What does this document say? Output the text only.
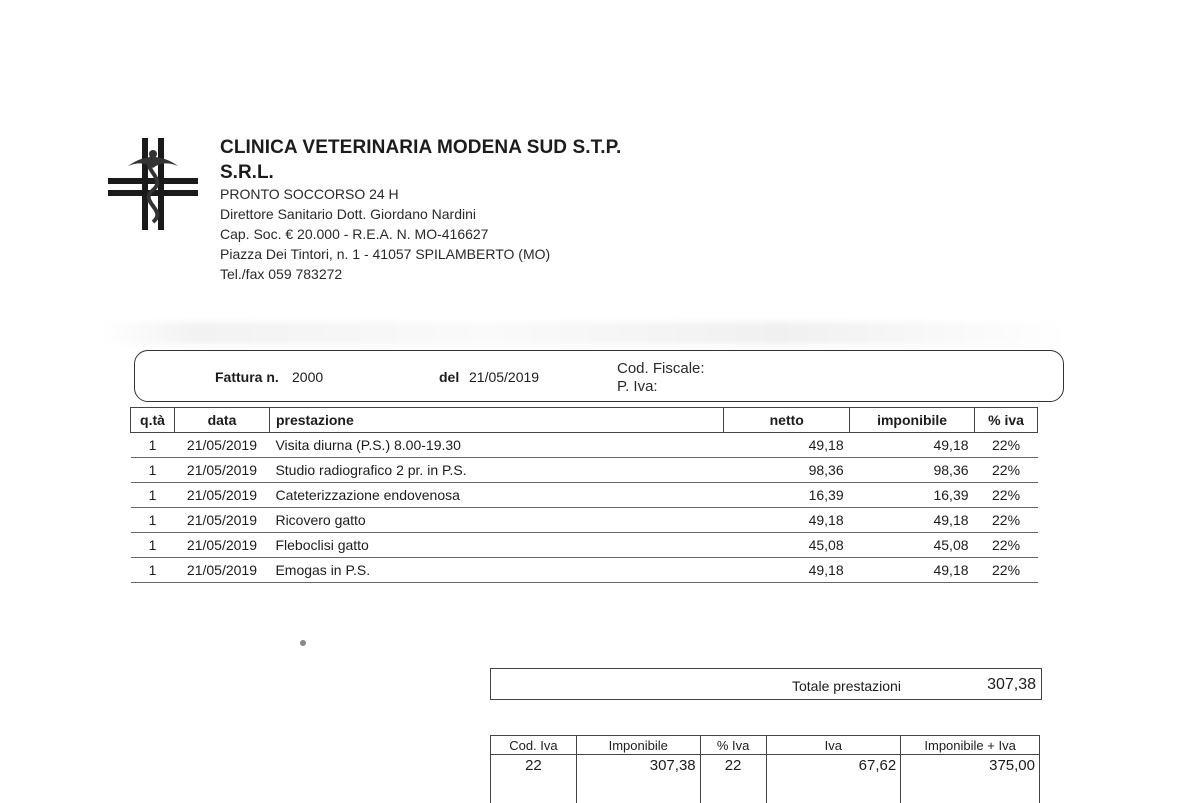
CLINICA VETERINARIA MODENA SUD S.T.P.
S.R.L.
PRONTO SOCCORSO 24 H
Direttore Sanitario Dott. Giordano Nardini
Cap. Soc. € 20.000 - R.E.A. N. MO-416627
Piazza Dei Tintori, n. 1 - 41057 SPILAMBERTO (MO)
Tel./fax 059 783272
Fattura n. 2000	del 21/05/2019	Cod. Fiscale:
P. Iva:
q.tà	data	prestazione	netto	imponibile	% iva
1	21/05/2019	Visita diurna (P.S.) 8.00-19.30	49,18	49,18	22%
1	21/05/2019	Studio radiografico 2 pr. in P.S.	98,36	98,36	22%
1	21/05/2019	Cateterizzazione endovenosa	16,39	16,39	22%
1	21/05/2019	Ricovero gatto	49,18	49,18	22%
1	21/05/2019	Fleboclisi gatto	45,08	45,08	22%
1	21/05/2019	Emogas in P.S.	49,18	49,18	22%
Totale prestazioni	307,38
Cod. Iva	Imponibile	% Iva	Iva	Imponibile + Iva
22	307,38	22	67,62	375,00
